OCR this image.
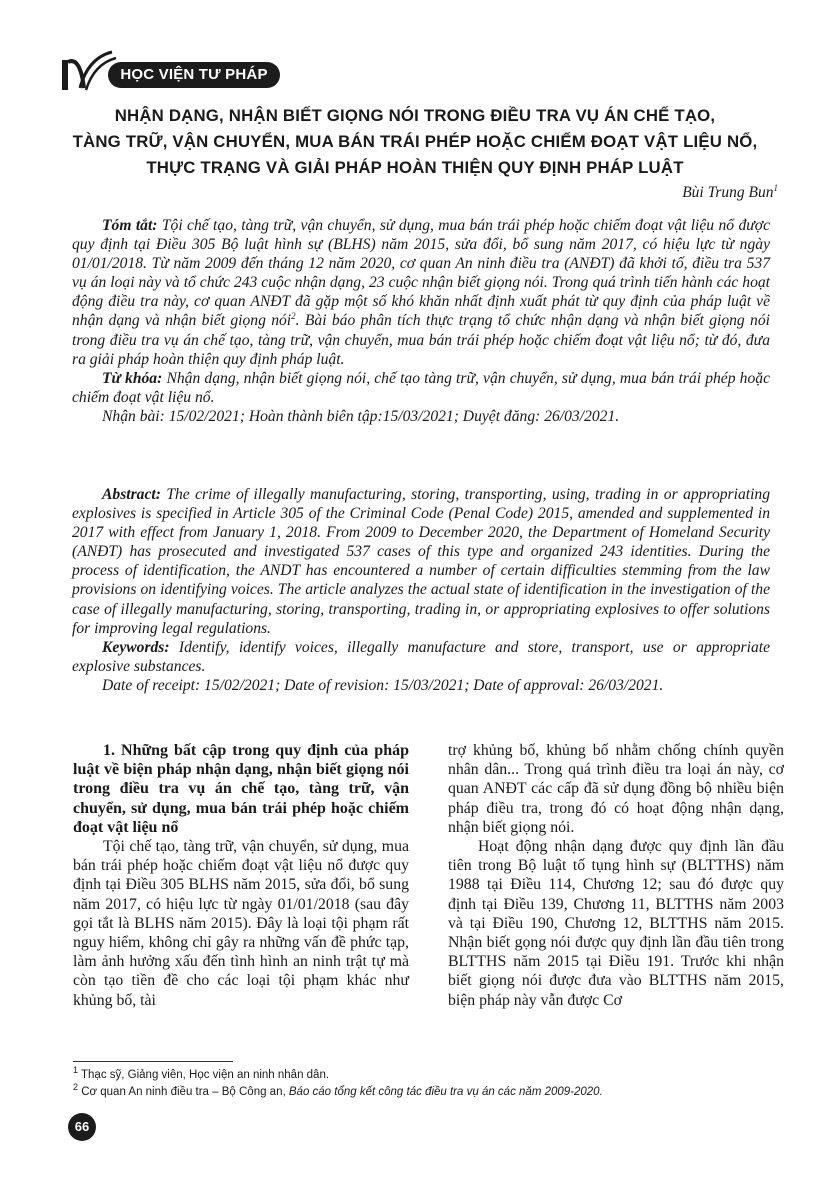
HỌC VIỆN TƯ PHÁP
NHẬN DẠNG, NHẬN BIẾT GIỌNG NÓI TRONG ĐIỀU TRA VỤ ÁN CHẾ TẠO,
TÀNG TRỮ, VẬN CHUYỂN, MUA BÁN TRÁI PHÉP HOẶC CHIẾM ĐOẠT VẬT LIỆU NỔ,
THỰC TRẠNG VÀ GIẢI PHÁP HOÀN THIỆN QUY ĐỊNH PHÁP LUẬT
Bùi Trung Bun$^1$

Tóm tắt: Tội chế tạo, tàng trữ, vận chuyển, sử dụng, mua bán trái phép hoặc chiếm đoạt vật liệu nổ được quy định tại Điều 305 Bộ luật hình sự (BLHS) năm 2015, sửa đổi, bổ sung năm 2017, có hiệu lực từ ngày 01/01/2018. Từ năm 2009 đến tháng 12 năm 2020, cơ quan An ninh điều tra (ANĐT) đã khởi tố, điều tra 537 vụ án loại này và tổ chức 243 cuộc nhận dạng, 23 cuộc nhận biết giọng nói. Trong quá trình tiến hành các hoạt động điều tra này, cơ quan ANĐT đã gặp một số khó khăn nhất định xuất phát từ quy định của pháp luật về nhận dạng và nhận biết giọng nói$^2$. Bài báo phân tích thực trạng tổ chức nhận dạng và nhận biết giọng nói trong điều tra vụ án chế tạo, tàng trữ, vận chuyển, mua bán trái phép hoặc chiếm đoạt vật liệu nổ; từ đó, đưa ra giải pháp hoàn thiện quy định pháp luật.

Từ khóa: Nhận dạng, nhận biết giọng nói, chế tạo tàng trữ, vận chuyển, sử dụng, mua bán trái phép hoặc chiếm đoạt vật liệu nổ.

Nhận bài: 15/02/2021; Hoàn thành biên tập:15/03/2021; Duyệt đăng: 26/03/2021.

Abstract: The crime of illegally manufacturing, storing, transporting, using, trading in or appropriating explosives is specified in Article 305 of the Criminal Code (Penal Code) 2015, amended and supplemented in 2017 with effect from January 1, 2018. From 2009 to December 2020, the Department of Homeland Security (ANĐT) has prosecuted and investigated 537 cases of this type and organized 243 identities. During the process of identification, the ANDT has encountered a number of certain difficulties stemming from the law provisions on identifying voices. The article analyzes the actual state of identification in the investigation of the case of illegally manufacturing, storing, transporting, trading in, or appropriating explosives to offer solutions for improving legal regulations.

Keywords: Identify, identify voices, illegally manufacture and store, transport, use or appropriate explosive substances.

Date of receipt: 15/02/2021; Date of revision: 15/03/2021; Date of approval: 26/03/2021.

1. Những bất cập trong quy định của pháp luật về biện pháp nhận dạng, nhận biết giọng nói trong điều tra vụ án chế tạo, tàng trữ, vận chuyển, sử dụng, mua bán trái phép hoặc chiếm đoạt vật liệu nổ

Tội chế tạo, tàng trữ, vận chuyển, sử dụng, mua bán trái phép hoặc chiếm đoạt vật liệu nổ được quy định tại Điều 305 BLHS năm 2015, sửa đổi, bổ sung năm 2017, có hiệu lực từ ngày 01/01/2018 (sau đây gọi tắt là BLHS năm 2015). Đây là loại tội phạm rất nguy hiểm, không chỉ gây ra những vấn đề phức tạp, làm ảnh hưởng xấu đến tình hình an ninh trật tự mà còn tạo tiền đề cho các loại tội phạm khác như khủng bố, tài

trợ khủng bố, khủng bố nhằm chống chính quyền nhân dân... Trong quá trình điều tra loại án này, cơ quan ANĐT các cấp đã sử dụng đồng bộ nhiều biện pháp điều tra, trong đó có hoạt động nhận dạng, nhận biết giọng nói.

Hoạt động nhận dạng được quy định lần đầu tiên trong Bộ luật tố tụng hình sự (BLTTHS) năm 1988 tại Điều 114, Chương 12; sau đó được quy định tại Điều 139, Chương 11, BLTTHS năm 2003 và tại Điều 190, Chương 12, BLTTHS năm 2015. Nhận biết gọng nói được quy định lần đầu tiên trong BLTTHS năm 2015 tại Điều 191. Trước khi nhận biết giọng nói được đưa vào BLTTHS năm 2015, biện pháp này vẫn được Cơ

$^1$ Thạc sỹ, Giảng viên, Học viện an ninh nhân dân.
$^2$ Cơ quan An ninh điều tra – Bộ Công an, Báo cáo tổng kết công tác điều tra vụ án các năm 2009-2020.
66
